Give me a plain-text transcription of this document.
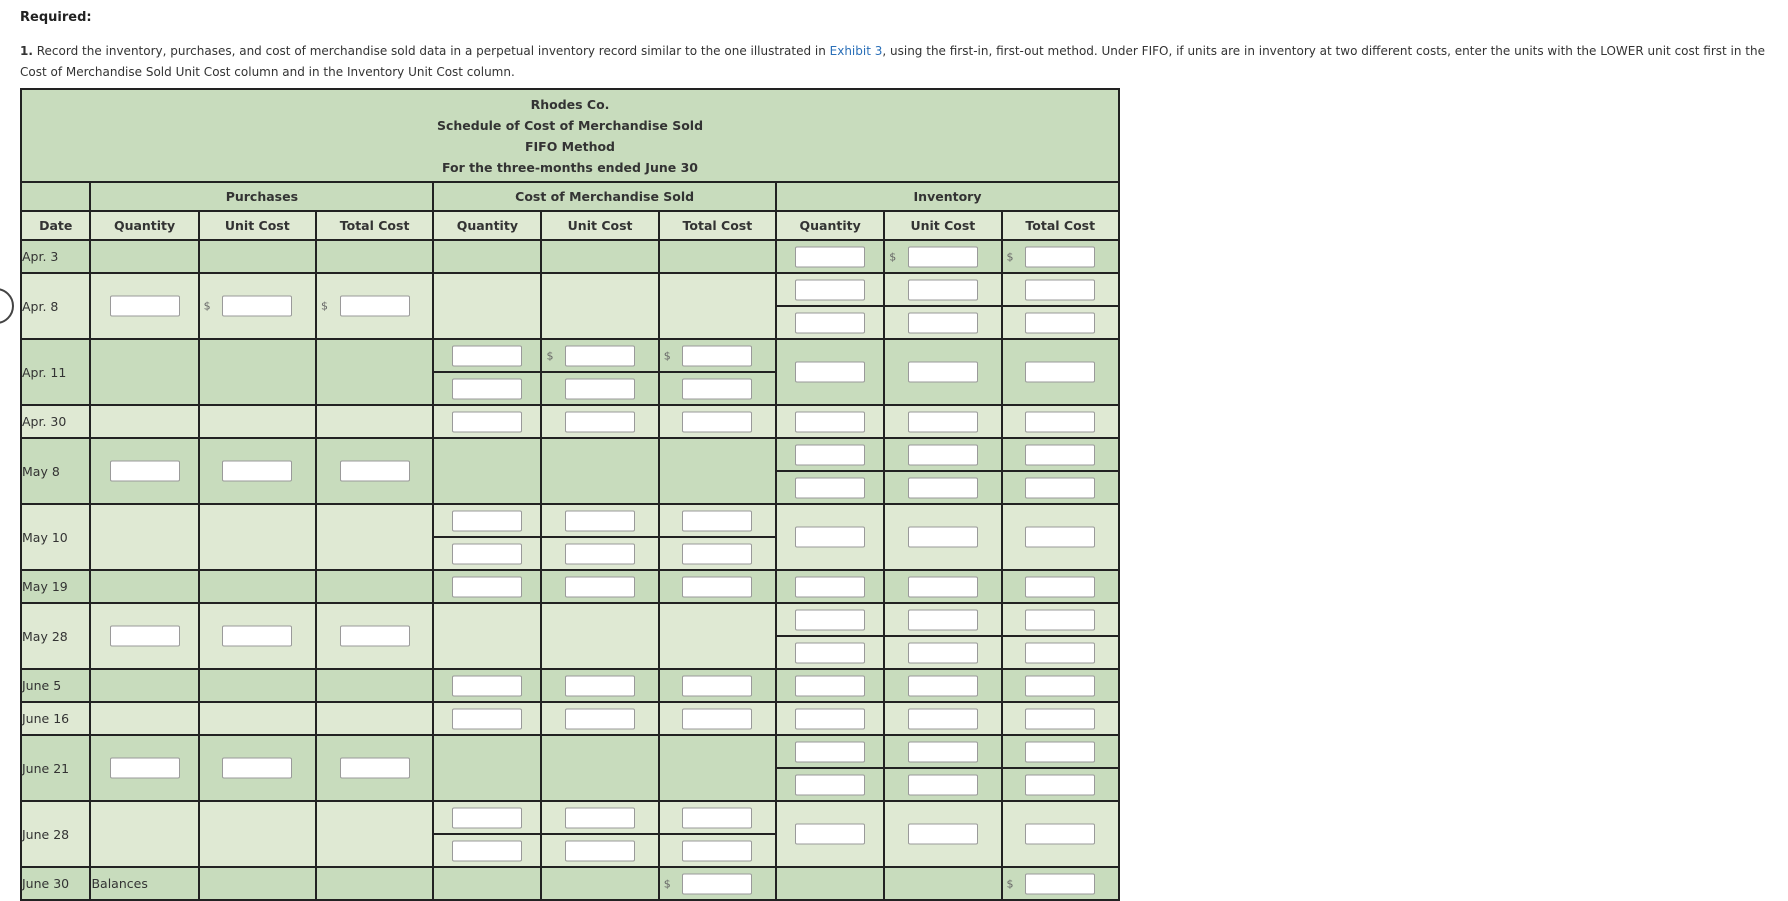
Required:

1. Record the inventory, purchases, and cost of merchandise sold data in a perpetual inventory record similar to the one illustrated in Exhibit 3, using the first-in, first-out method. Under FIFO, if units are in inventory at two different costs, enter the units with the LOWER unit cost first in the Cost of Merchandise Sold Unit Cost column and in the Inventory Unit Cost column.

Rhodes Co.
Schedule of Cost of Merchandise Sold
FIFO Method
For the three-months ended June 30									

	Purchases			Cost of Merchandise Sold			Inventory		
Date	Quantity	Unit Cost	Total Cost	Quantity	Unit Cost	Total Cost	Quantity	Unit Cost	Total Cost
Apr. 3								$	$

Apr. 8		$	$

Apr. 11					$	$

Apr. 30				

May 8	

May 10				

May 19				

May 28	

June 5				

June 16				

June 21	

June 28				

June 30	Balances					$			$
